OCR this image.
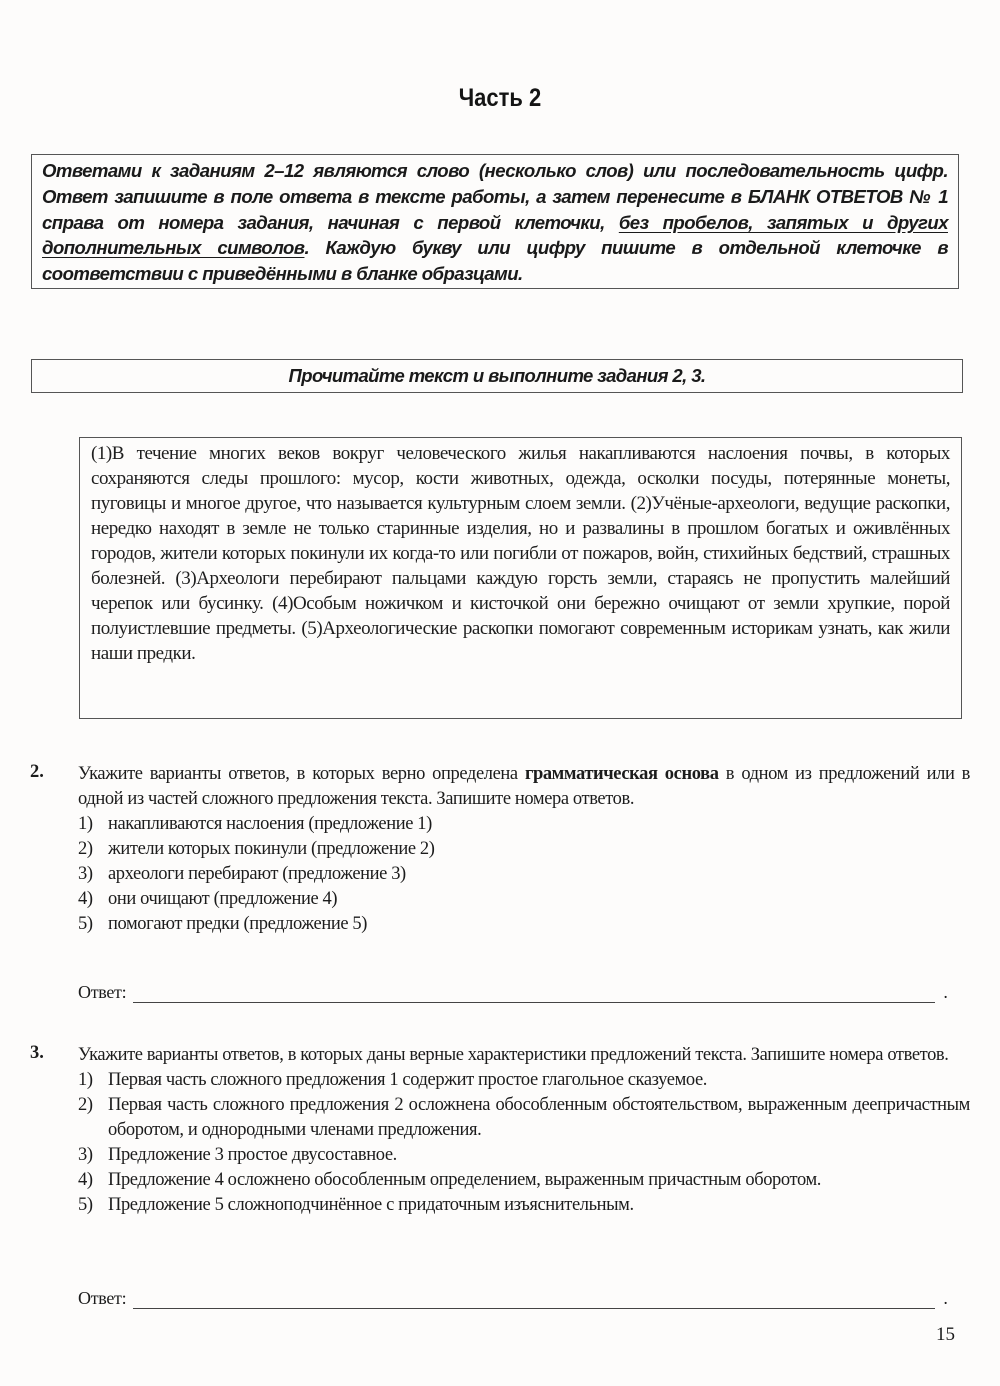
Часть 2
Ответами к заданиям 2–12 являются слово (несколько слов) или последовательность цифр. Ответ запишите в поле ответа в тексте работы, а затем перенесите в БЛАНК ОТВЕТОВ № 1 справа от номера задания, начиная с первой клеточки, без пробелов, запятых и других дополнительных символов. Каждую букву или цифру пишите в отдельной клеточке в соответствии с приведёнными в бланке образцами.
Прочитайте текст и выполните задания 2, 3.

(1)В течение многих веков вокруг человеческого жилья накапливаются наслоения почвы, в которых сохраняются следы прошлого: мусор, кости животных, одежда, осколки посуды, потерянные монеты, пуговицы и многое другое, что называется культурным слоем земли. (2)Учёные-археологи, ведущие раскопки, нередко находят в земле не только старинные изделия, но и развалины в прошлом богатых и оживлённых городов, жители которых покинули их когда-то или погибли от пожаров, войн, стихийных бедствий, страшных болезней. (3)Археологи перебирают пальцами каждую горсть земли, стараясь не пропустить малейший черепок или бусинку. (4)Особым ножичком и кисточкой они бережно очищают от земли хрупкие, порой полуистлевшие предметы. (5)Археологические раскопки помогают современным историкам узнать, как жили наши предки.

2. Укажите варианты ответов, в которых верно определена грамматическая основа в одном из предложений или в одной из частей сложного предложения текста. Запишите номера ответов.

1) накапливаются наслоения (предложение 1)
2) жители которых покинули (предложение 2)
3) археологи перебирают (предложение 3)
4) они очищают (предложение 4)
5) помогают предки (предложение 5)
Ответ:	.
3. Укажите варианты ответов, в которых даны верные характеристики предложений текста. Запишите номера ответов.

1) Первая часть сложного предложения 1 содержит простое глагольное сказуемое.
2) Первая часть сложного предложения 2 осложнена обособленным обстоятельством, выраженным деепричастным оборотом, и однородными членами предложения.
3) Предложение 3 простое двусоставное.
4) Предложение 4 осложнено обособленным определением, выраженным причастным оборотом.
5) Предложение 5 сложноподчинённое с придаточным изъяснительным.
Ответ:	.
15
